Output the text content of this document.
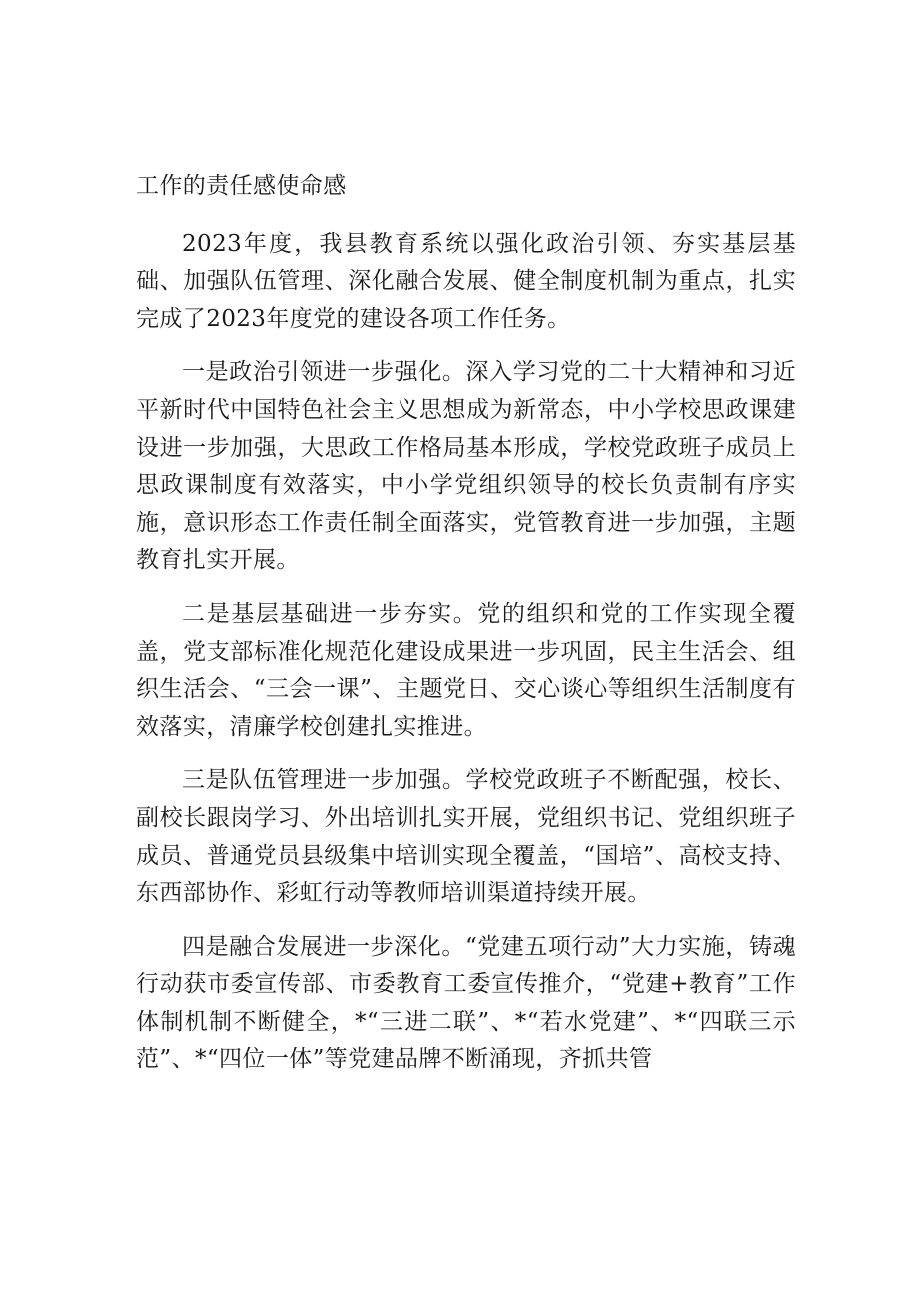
工作的责任感使命感

2023年度，我县教育系统以强化政治引领、夯实基层基础、加强队伍管理、深化融合发展、健全制度机制为重点，扎实完成了2023年度党的建设各项工作任务。

一是政治引领进一步强化。深入学习党的二十大精神和习近平新时代中国特色社会主义思想成为新常态，中小学校思政课建设进一步加强，大思政工作格局基本形成，学校党政班子成员上思政课制度有效落实，中小学党组织领导的校长负责制有序实施，意识形态工作责任制全面落实，党管教育进一步加强，主题教育扎实开展。

二是基层基础进一步夯实。党的组织和党的工作实现全覆盖，党支部标准化规范化建设成果进一步巩固，民主生活会、组织生活会、“三会一课”、主题党日、交心谈心等组织生活制度有效落实，清廉学校创建扎实推进。

三是队伍管理进一步加强。学校党政班子不断配强，校长、副校长跟岗学习、外出培训扎实开展，党组织书记、党组织班子成员、普通党员县级集中培训实现全覆盖，“国培”、高校支持、东西部协作、彩虹行动等教师培训渠道持续开展。

四是融合发展进一步深化。“党建五项行动”大力实施，铸魂行动获市委宣传部、市委教育工委宣传推介，“党建+教育”工作体制机制不断健全，*“三进二联”、*“若水党建”、*“四联三示范”、*“四位一体”等党建品牌不断涌现，齐抓共管
